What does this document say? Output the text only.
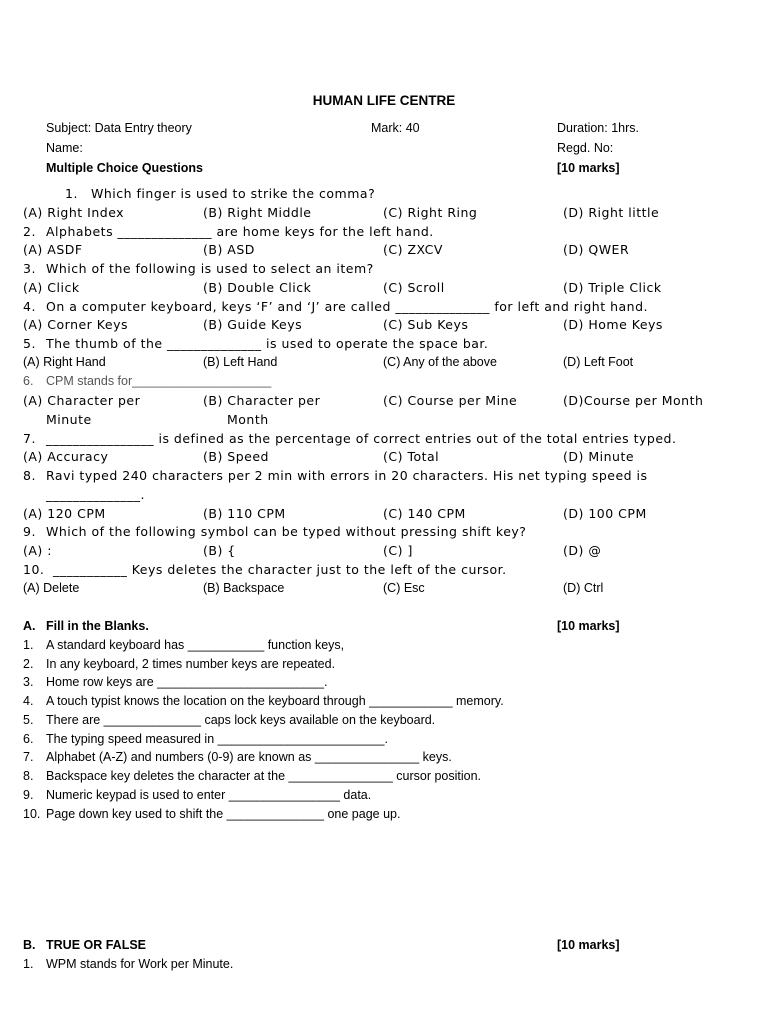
HUMAN LIFE CENTRE
Subject: Data Entry theory	Mark: 40	Duration: 1hrs.
Name:	Regd. No:
Multiple Choice Questions	[10 marks]
1. Which finger is used to strike the comma?
(A) Right Index	(B) Right Middle	(C) Right Ring	(D) Right little
2. Alphabets ______________ are home keys for the left hand.
(A) ASDF	(B) ASD	(C) ZXCV	(D) QWER
3. Which of the following is used to select an item?
(A) Click	(B) Double Click	(C) Scroll	(D) Triple Click
4. On a computer keyboard, keys ‘F’ and ‘J’ are called ______________ for left and right hand.
(A) Corner Keys	(B) Guide Keys	(C) Sub Keys	(D) Home Keys
5. The thumb of the ______________ is used to operate the space bar.
(A) Right Hand	(B) Left Hand	(C) Any of the above	(D) Left Foot
6. CPM stands for____________________
(A) Character per	(B) Character per	(C) Course per Mine	(D)Course per Month
Minute	Month
7. ________________ is defined as the percentage of correct entries out of the total entries typed.
(A) Accuracy	(B) Speed	(C) Total	(D) Minute
8. Ravi typed 240 characters per 2 min with errors in 20 characters. His net typing speed is
______________.
(A) 120 CPM	(B) 110 CPM	(C) 140 CPM	(D) 100 CPM
9. Which of the following symbol can be typed without pressing shift key?
(A) :	(B) {	(C) ]	(D) @
10. ___________ Keys deletes the character just to the left of the cursor.
(A) Delete	(B) Backspace	(C) Esc	(D) Ctrl
A. Fill in the Blanks.	[10 marks]
1. A standard keyboard has ___________ function keys,
2. In any keyboard, 2 times number keys are repeated.
3. Home row keys are ________________________.
4. A touch typist knows the location on the keyboard through ____________ memory.
5. There are ______________ caps lock keys available on the keyboard.
6. The typing speed measured in ________________________.
7. Alphabet (A-Z) and numbers (0-9) are known as _______________ keys.
8. Backspace key deletes the character at the _______________ cursor position.
9. Numeric keypad is used to enter ________________ data.
10. Page down key used to shift the ______________ one page up.
B. TRUE OR FALSE	[10 marks]
1. WPM stands for Work per Minute.
